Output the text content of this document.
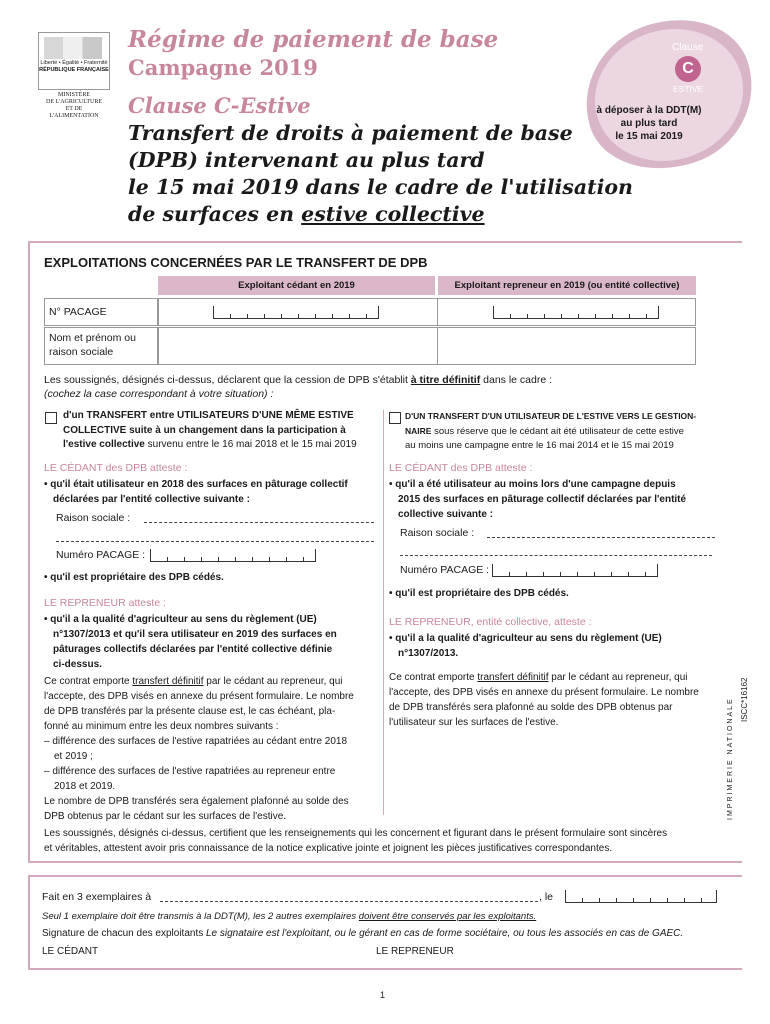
Liberté • Égalité • Fraternité
RÉPUBLIQUE FRANÇAISE
MINISTÈRE
DE L'AGRICULTURE
ET DE
L'ALIMENTATION
Régime de paiement de base
Campagne 2019
Clause C-Estive
Transfert de droits à paiement de base
(DPB) intervenant au plus tard
le 15 mai 2019 dans le cadre de l'utilisation
de surfaces en estive collective
Clause
C
ESTIVE
à déposer à la DDT(M)
au plus tard
le 15 mai 2019
EXPLOITATIONS CONCERNÉES PAR LE TRANSFERT DE DPB
Exploitant cédant en 2019	Exploitant repreneur en 2019 (ou entité collective)
N° PACAGE
Nom et prénom ou
raison sociale
Les soussignés, désignés ci-dessus, déclarent que la cession de DPB s'établit à titre définitif dans le cadre :
(cochez la case correspondant à votre situation) :
d'un TRANSFERT entre UTILISATEURS D'UNE MÊME ESTIVE
COLLECTIVE suite à un changement dans la participation à
l'estive collective survenu entre le 16 mai 2018 et le 15 mai 2019
LE CÉDANT des DPB atteste :
• qu'il était utilisateur en 2018 des surfaces en pâturage collectif
déclarées par l'entité collective suivante :
Raison sociale :
Numéro PACAGE :
• qu'il est propriétaire des DPB cédés.
LE REPRENEUR atteste :
• qu'il a la qualité d'agriculteur au sens du règlement (UE)
n°1307/2013 et qu'il sera utilisateur en 2019 des surfaces en
pâturages collectifs déclarées par l'entité collective définie
ci-dessus.
Ce contrat emporte transfert définitif par le cédant au repreneur, qui
l'accepte, des DPB visés en annexe du présent formulaire. Le nombre
de DPB transférés par la présente clause est, le cas échéant, pla-
fonné au minimum entre les deux nombres suivants :
– différence des surfaces de l'estive rapatriées au cédant entre 2018
et 2019 ;
– différence des surfaces de l'estive rapatriées au repreneur entre
2018 et 2019.
Le nombre de DPB transférés sera également plafonné au solde des
DPB obtenus par le cédant sur les surfaces de l'estive.
D'UN TRANSFERT D'UN UTILISATEUR DE L'ESTIVE VERS LE GESTION-
NAIRE sous réserve que le cédant ait été utilisateur de cette estive
au moins une campagne entre le 16 mai 2014 et le 15 mai 2019
LE CÉDANT des DPB atteste :
• qu'il a été utilisateur au moins lors d'une campagne depuis
2015 des surfaces en pâturage collectif déclarées par l'entité
collective suivante :
Raison sociale :
Numéro PACAGE :
• qu'il est propriétaire des DPB cédés.
LE REPRENEUR, entité collective, atteste :
• qu'il a la qualité d'agriculteur au sens du règlement (UE)
n°1307/2013.
Ce contrat emporte transfert définitif par le cédant au repreneur, qui
l'accepte, des DPB visés en annexe du présent formulaire. Le nombre
de DPB transférés sera plafonné au solde des DPB obtenus par
l'utilisateur sur les surfaces de l'estive.
Les soussignés, désignés ci-dessus, certifient que les renseignements qui les concernent et figurant dans le présent formulaire sont sincères
et véritables, attestent avoir pris connaissance de la notice explicative jointe et joignent les pièces justificatives correspondantes.
IMPRIMERIE NATIONALE ISCC*16162
Fait en 3 exemplaires à	, le
Seul 1 exemplaire doit être transmis à la DDT(M), les 2 autres exemplaires doivent être conservés par les exploitants.
Signature de chacun des exploitants Le signataire est l'exploitant, ou le gérant en cas de forme sociétaire, ou tous les associés en cas de GAEC.
LE CÉDANT	LE REPRENEUR
1
